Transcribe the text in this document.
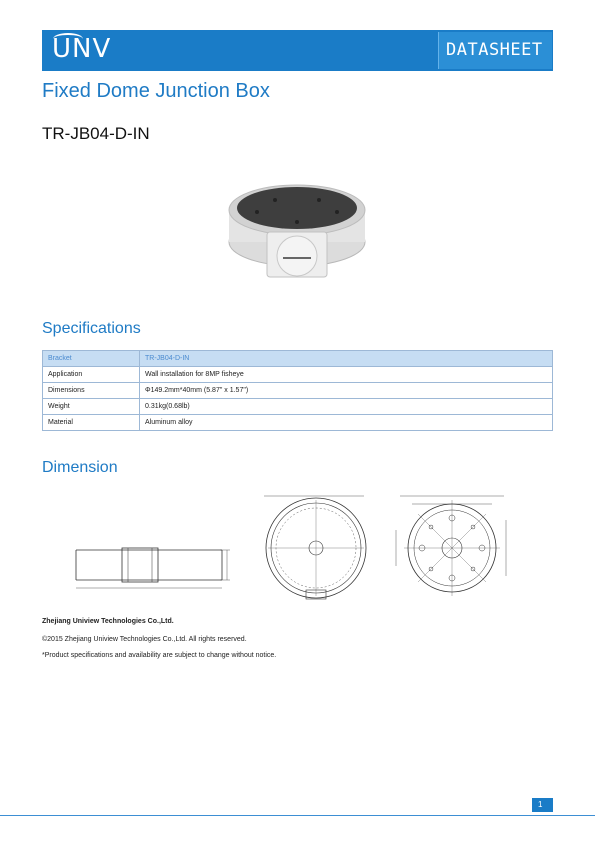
UNV	DATASHEET
Fixed Dome Junction Box
TR-JB04-D-IN
Specifications
Bracket	TR-JB04-D-IN
Application	Wall installation for 8MP fisheye
Dimensions	Φ149.2mm*40mm (5.87" x 1.57")
Weight	0.31kg(0.68lb)
Material	Aluminum alloy
Dimension
Zhejiang Uniview Technologies Co.,Ltd.
©2015 Zhejiang Uniview Technologies Co.,Ltd. All rights reserved.
*Product specifications and availability are subject to change without notice.
1
